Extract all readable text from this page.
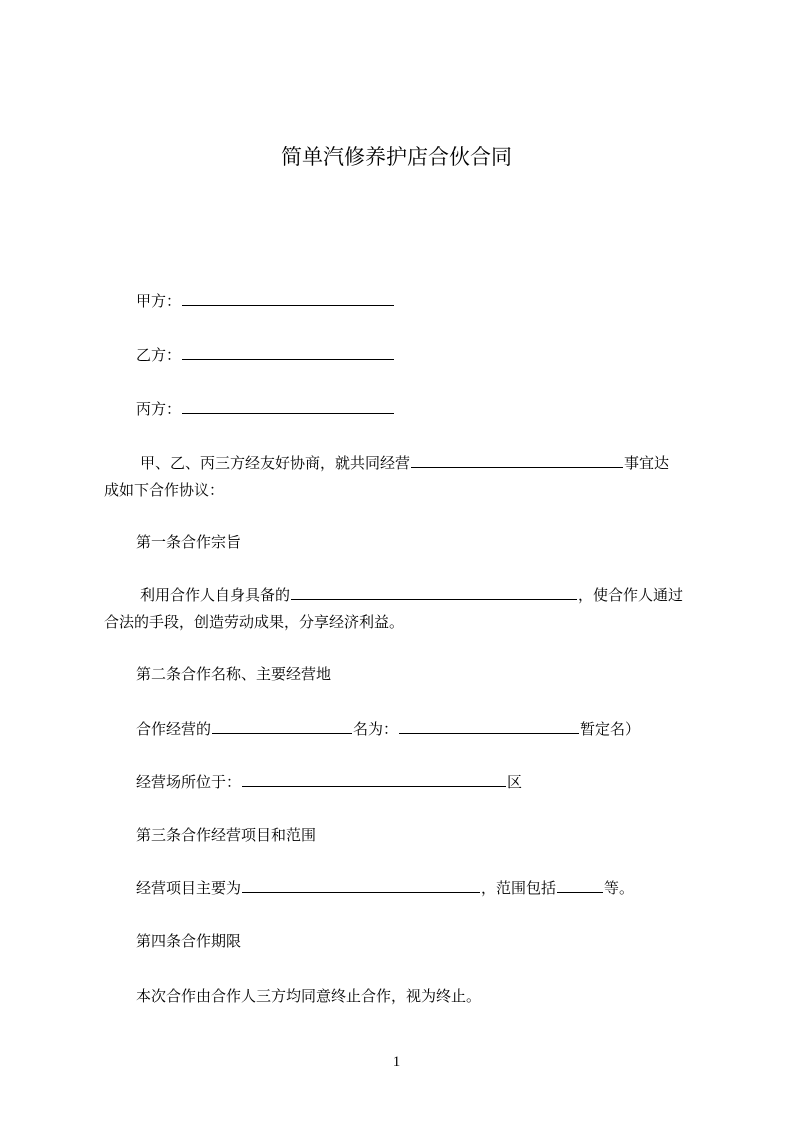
简单汽修养护店合伙合同
甲方：
乙方：
丙方：
甲、乙、丙三方经友好协商，就共同经营	事宜达
成如下合作协议：
第一条合作宗旨
利用合作人自身具备的	，使合作人通过
合法的手段，创造劳动成果，分享经济利益。
第二条合作名称、主要经营地
合作经营的	名为：	暂定名）
经营场所位于：	区
第三条合作经营项目和范围
经营项目主要为	，范围包括	等。
第四条合作期限
本次合作由合作人三方均同意终止合作，视为终止。
1
